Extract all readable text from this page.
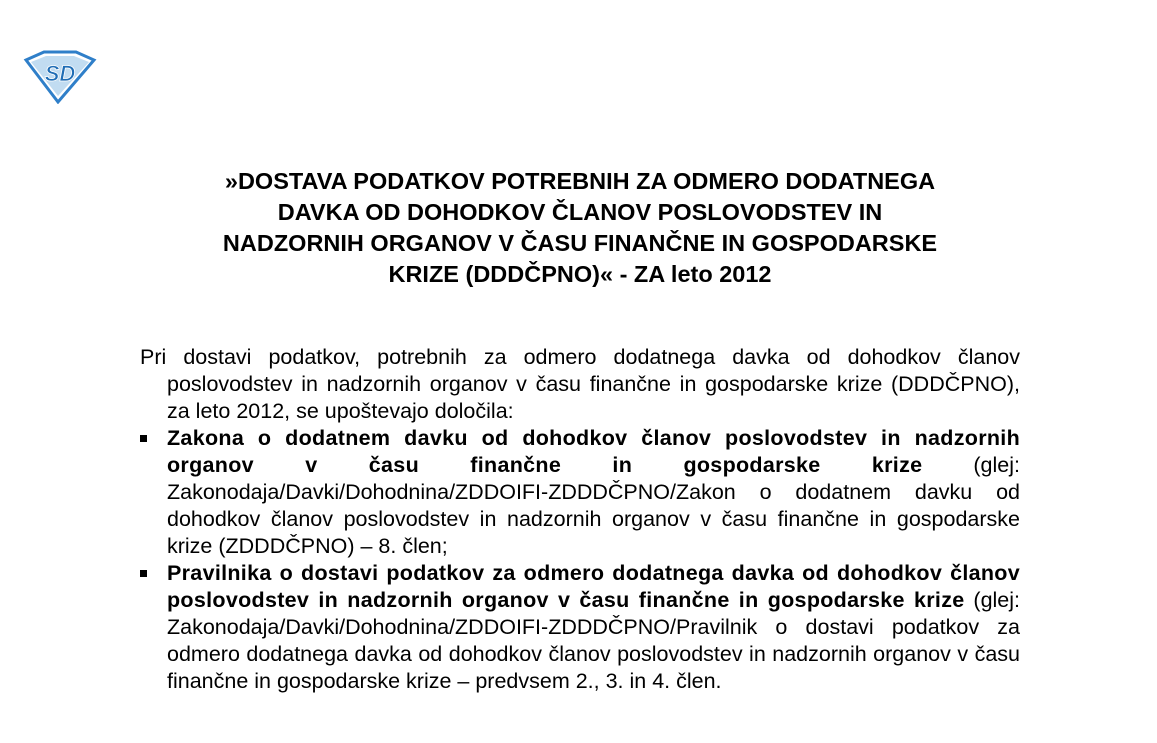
SD
»DOSTAVA PODATKOV POTREBNIH ZA ODMERO DODATNEGA
DAVKA OD DOHODKOV ČLANOV POSLOVODSTEV IN
NADZORNIH ORGANOV V ČASU FINANČNE IN GOSPODARSKE
KRIZE (DDDČPNO)« - ZA leto 2012

Pri dostavi podatkov, potrebnih za odmero dodatnega davka od dohodkov članov poslovodstev in nadzornih organov v času finančne in gospodarske krize (DDDČPNO), za leto 2012, se upoštevajo določila:

Zakona o dodatnem davku od dohodkov članov poslovodstev in nadzornih organov v času finančne in gospodarske krize (glej: Zakonodaja/Davki/Dohodnina/ZDDOIFI-ZDDDČPNO/Zakon o dodatnem davku od dohodkov članov poslovodstev in nadzornih organov v času finančne in gospodarske krize (ZDDDČPNO) – 8. člen;
Pravilnika o dostavi podatkov za odmero dodatnega davka od dohodkov članov poslovodstev in nadzornih organov v času finančne in gospodarske krize (glej: Zakonodaja/Davki/Dohodnina/ZDDOIFI-ZDDDČPNO/Pravilnik o dostavi podatkov za odmero dodatnega davka od dohodkov članov poslovodstev in nadzornih organov v času finančne in gospodarske krize – predvsem 2., 3. in 4. člen.
